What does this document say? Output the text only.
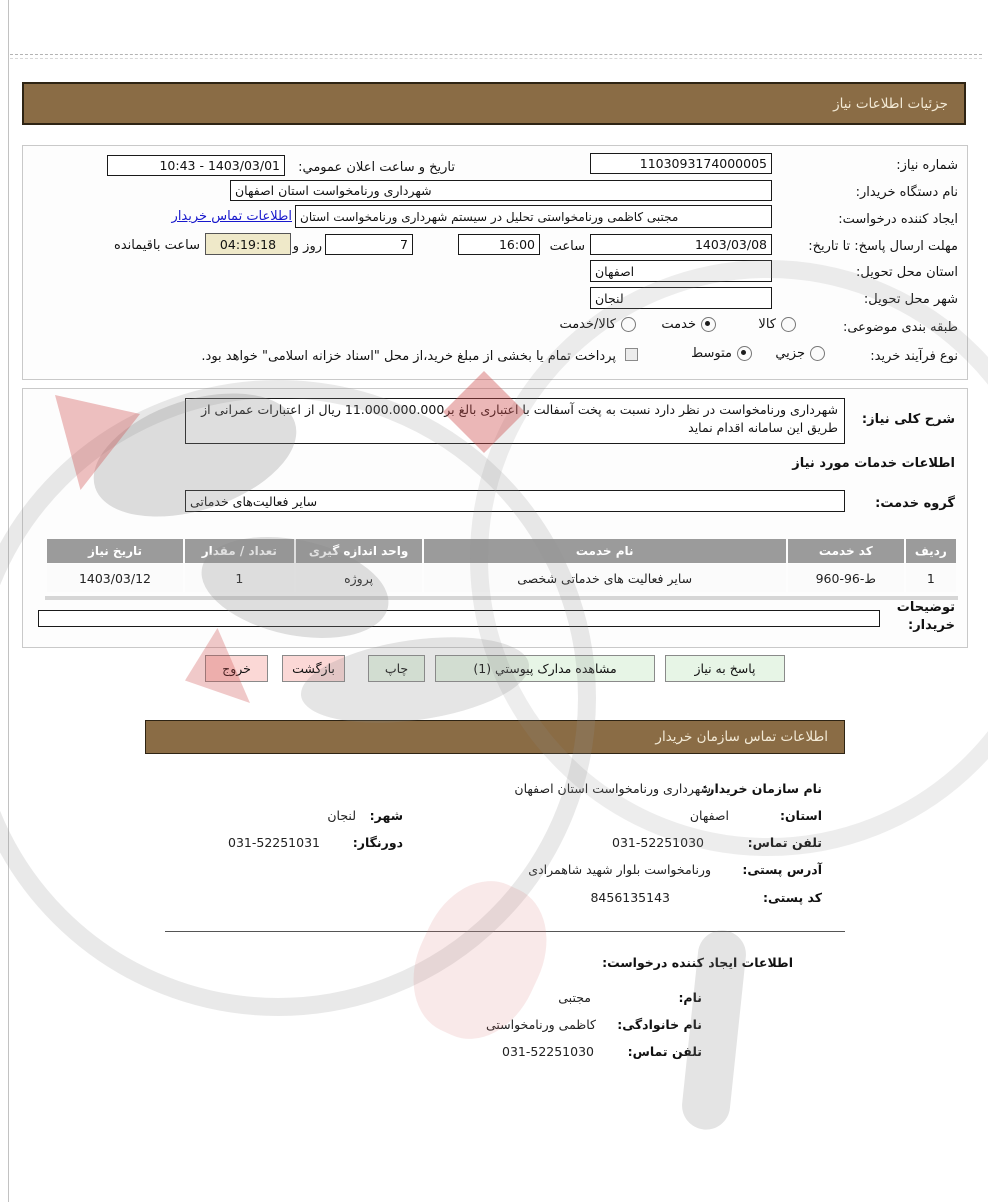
جزئیات اطلاعات نیاز
شماره نیاز:
1103093174000005
تاریخ و ساعت اعلان عمومي:
10:43 - 1403/03/01
نام دستگاه خریدار:
شهرداری ورنامخواست استان اصفهان
ایجاد کننده درخواست:
مجتبی کاظمی ورنامخواستی تحلیل در سیستم شهرداری ورنامخواست استان
اطلاعات تماس خریدار
مهلت ارسال پاسخ: تا تاریخ:
1403/03/08
ساعت
16:00
7
روز و
04:19:18
ساعت باقیمانده
استان محل تحویل:
اصفهان
شهر محل تحویل:
لنجان
طبقه بندی موضوعی:
کالا
خدمت
کالا/خدمت
نوع فرآیند خرید:
جزیي
متوسط
پرداخت تمام یا بخشی از مبلغ خرید،از محل "اسناد خزانه اسلامی" خواهد بود.
شرح کلی نیاز:
شهرداری ورنامخواست در نظر دارد نسبت به پخت آسفالت با اعتباری بالغ بر11.000.000.000 ریال از اعتبارات عمرانی از طریق این سامانه اقدام نماید
اطلاعات خدمات مورد نیاز
گروه خدمت:
سایر فعالیت‌های خدماتی
ردیف	کد خدمت	نام خدمت	واحد اندازه گیری	تعداد / مقدار	تاریخ نیاز
1	ط-96-960	سایر فعالیت های خدماتی شخصی	پروژه	1	1403/03/12
توضیحات
خریدار:
پاسخ به نیاز
مشاهده مدارک پیوستي (1)
چاپ
بازگشت
خروج
اطلاعات تماس سازمان خریدار
نام سازمان خریدار:
شهرداری ورنامخواست استان اصفهان
استان:
اصفهان
شهر:
لنجان
تلفن تماس:
031-52251030
دورنگار:
031-52251031
آدرس پستی:
ورنامخواست بلوار شهید شاهمرادی
کد پستی:
8456135143
اطلاعات ایجاد کننده درخواست:
نام:
مجتبی
نام خانوادگی:
کاظمی ورنامخواستی
تلفن تماس:
031-52251030
